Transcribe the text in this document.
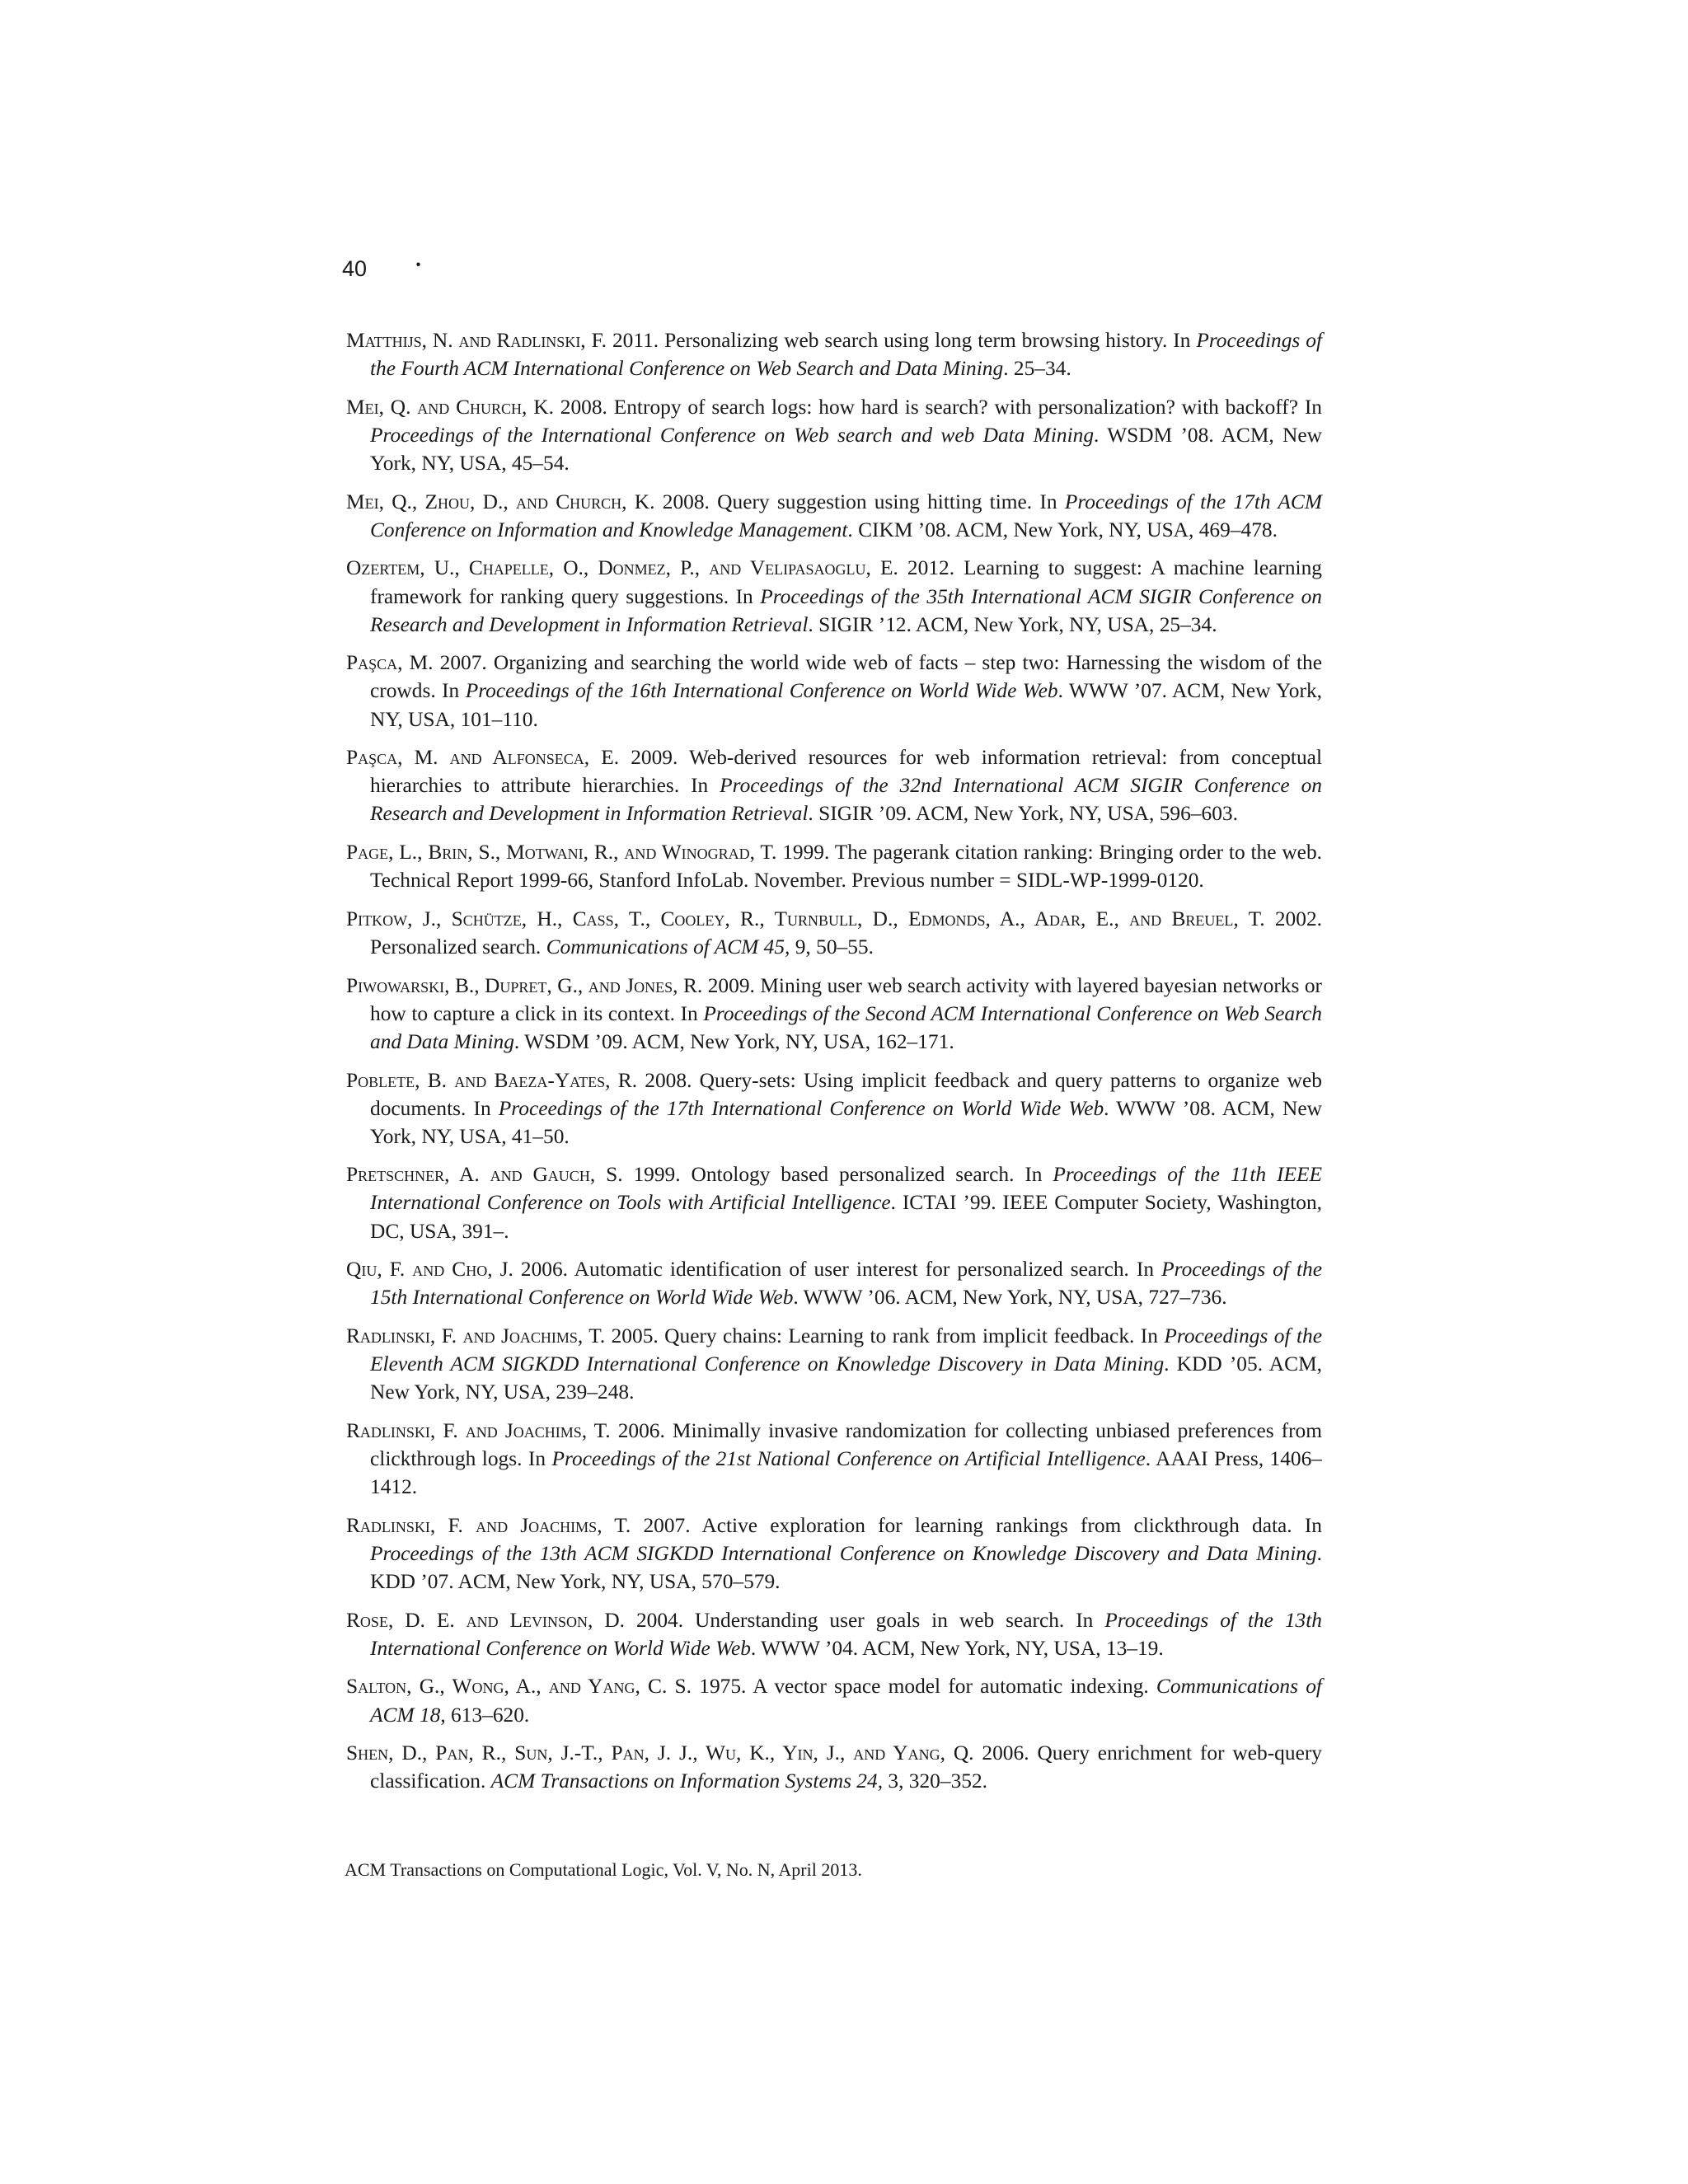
40 ·

Matthijs, N. and Radlinski, F. 2011. Personalizing web search using long term browsing history. In Proceedings of the Fourth ACM International Conference on Web Search and Data Mining. 25–34.

Mei, Q. and Church, K. 2008. Entropy of search logs: how hard is search? with personalization? with backoff? In Proceedings of the International Conference on Web search and web Data Mining. WSDM ’08. ACM, New York, NY, USA, 45–54.

Mei, Q., Zhou, D., and Church, K. 2008. Query suggestion using hitting time. In Proceedings of the 17th ACM Conference on Information and Knowledge Management. CIKM ’08. ACM, New York, NY, USA, 469–478.

Ozertem, U., Chapelle, O., Donmez, P., and Velipasaoglu, E. 2012. Learning to suggest: A machine learning framework for ranking query suggestions. In Proceedings of the 35th International ACM SIGIR Conference on Research and Development in Information Retrieval. SIGIR ’12. ACM, New York, NY, USA, 25–34.

Paşca, M. 2007. Organizing and searching the world wide web of facts – step two: Harnessing the wisdom of the crowds. In Proceedings of the 16th International Conference on World Wide Web. WWW ’07. ACM, New York, NY, USA, 101–110.

Paşca, M. and Alfonseca, E. 2009. Web-derived resources for web information retrieval: from conceptual hierarchies to attribute hierarchies. In Proceedings of the 32nd International ACM SIGIR Conference on Research and Development in Information Retrieval. SIGIR ’09. ACM, New York, NY, USA, 596–603.

Page, L., Brin, S., Motwani, R., and Winograd, T. 1999. The pagerank citation ranking: Bringing order to the web. Technical Report 1999-66, Stanford InfoLab. November. Previous number = SIDL-WP-1999-0120.

Pitkow, J., Schütze, H., Cass, T., Cooley, R., Turnbull, D., Edmonds, A., Adar, E., and Breuel, T. 2002. Personalized search. Communications of ACM 45, 9, 50–55.

Piwowarski, B., Dupret, G., and Jones, R. 2009. Mining user web search activity with layered bayesian networks or how to capture a click in its context. In Proceedings of the Second ACM International Conference on Web Search and Data Mining. WSDM ’09. ACM, New York, NY, USA, 162–171.

Poblete, B. and Baeza-Yates, R. 2008. Query-sets: Using implicit feedback and query patterns to organize web documents. In Proceedings of the 17th International Conference on World Wide Web. WWW ’08. ACM, New York, NY, USA, 41–50.

Pretschner, A. and Gauch, S. 1999. Ontology based personalized search. In Proceedings of the 11th IEEE International Conference on Tools with Artificial Intelligence. ICTAI ’99. IEEE Computer Society, Washington, DC, USA, 391–.

Qiu, F. and Cho, J. 2006. Automatic identification of user interest for personalized search. In Proceedings of the 15th International Conference on World Wide Web. WWW ’06. ACM, New York, NY, USA, 727–736.

Radlinski, F. and Joachims, T. 2005. Query chains: Learning to rank from implicit feedback. In Proceedings of the Eleventh ACM SIGKDD International Conference on Knowledge Discovery in Data Mining. KDD ’05. ACM, New York, NY, USA, 239–248.

Radlinski, F. and Joachims, T. 2006. Minimally invasive randomization for collecting unbiased preferences from clickthrough logs. In Proceedings of the 21st National Conference on Artificial Intelligence. AAAI Press, 1406–1412.

Radlinski, F. and Joachims, T. 2007. Active exploration for learning rankings from clickthrough data. In Proceedings of the 13th ACM SIGKDD International Conference on Knowledge Discovery and Data Mining. KDD ’07. ACM, New York, NY, USA, 570–579.

Rose, D. E. and Levinson, D. 2004. Understanding user goals in web search. In Proceedings of the 13th International Conference on World Wide Web. WWW ’04. ACM, New York, NY, USA, 13–19.

Salton, G., Wong, A., and Yang, C. S. 1975. A vector space model for automatic indexing. Communications of ACM 18, 613–620.

Shen, D., Pan, R., Sun, J.-T., Pan, J. J., Wu, K., Yin, J., and Yang, Q. 2006. Query enrichment for web-query classification. ACM Transactions on Information Systems 24, 3, 320–352.

ACM Transactions on Computational Logic, Vol. V, No. N, April 2013.
